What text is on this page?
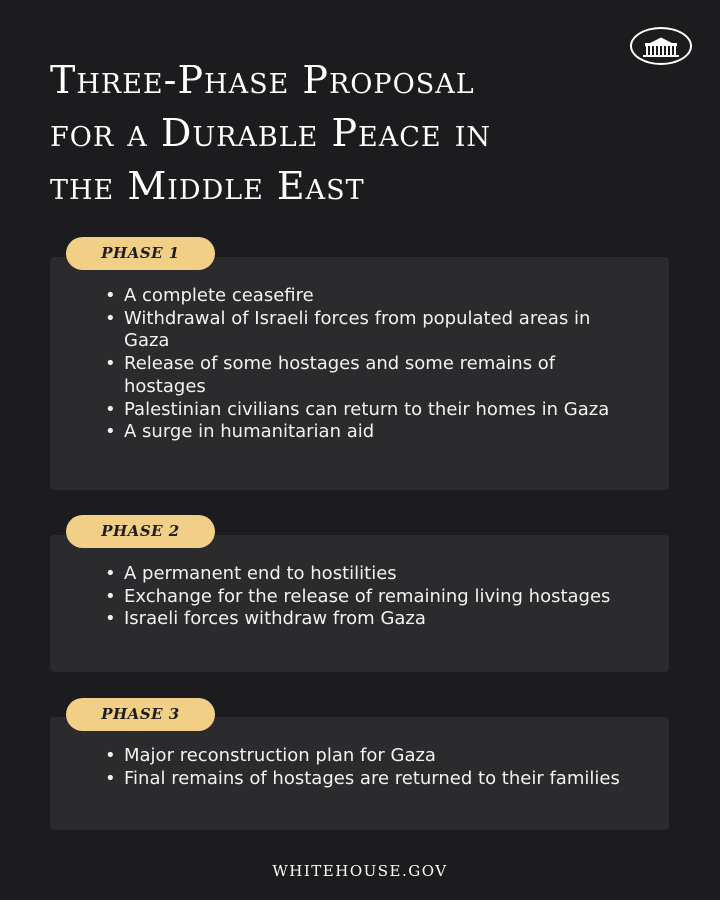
Three-Phase Proposal
for a Durable Peace in
the Middle East
PHASE 1
• A complete ceasefire
• Withdrawal of Israeli forces from populated areas in Gaza
• Release of some hostages and some remains of hostages
• Palestinian civilians can return to their homes in Gaza
• A surge in humanitarian aid
PHASE 2
• A permanent end to hostilities
• Exchange for the release of remaining living hostages
• Israeli forces withdraw from Gaza
PHASE 3
• Major reconstruction plan for Gaza
• Final remains of hostages are returned to their families
WHITEHOUSE.GOV
